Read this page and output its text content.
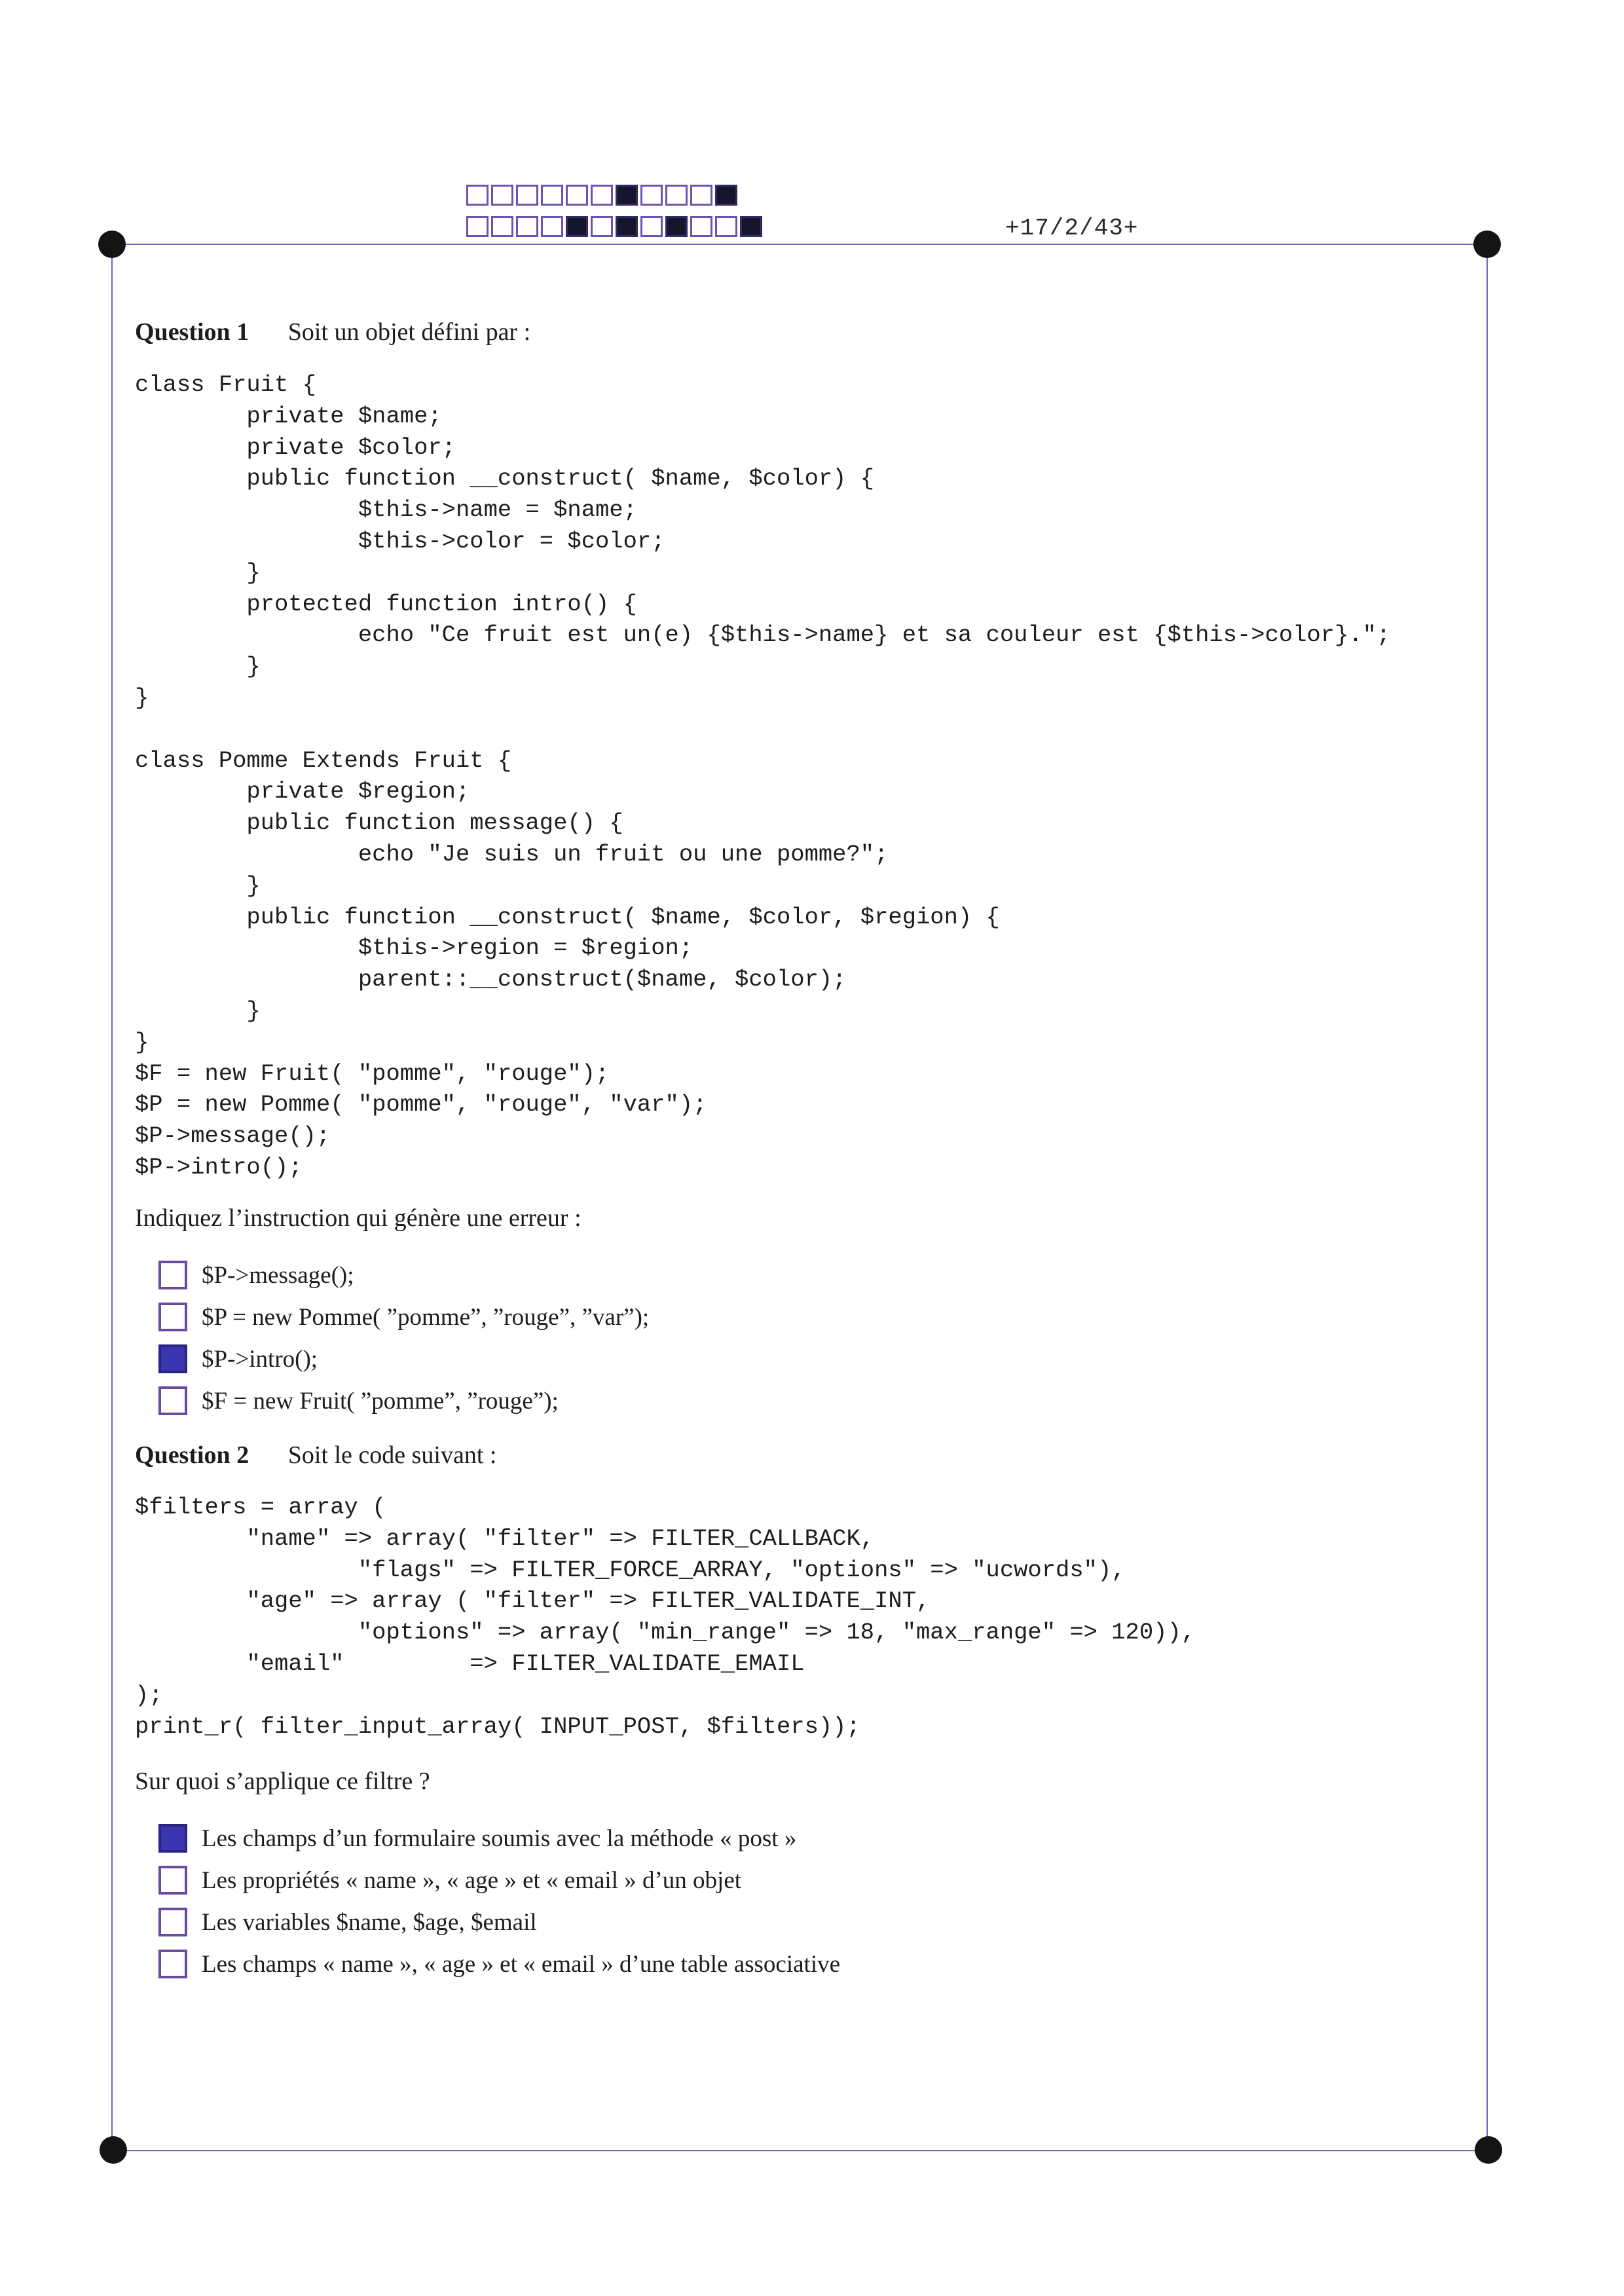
+17/2/43+
Question 1 Soit un objet défini par :
class Fruit {
private $name;
private $color;
public function __construct( $name, $color) {
$this->name = $name;
$this->color = $color;
}
protected function intro() {
echo "Ce fruit est un(e) {$this->name} et sa couleur est {$this->color}.";
}
}

class Pomme Extends Fruit {
private $region;
public function message() {
echo "Je suis un fruit ou une pomme?";
}
public function __construct( $name, $color, $region) {
$this->region = $region;
parent::__construct($name, $color);
}
}
$F = new Fruit( "pomme", "rouge");
$P = new Pomme( "pomme", "rouge", "var");
$P->message();
$P->intro();
Indiquez l’instruction qui génère une erreur :
$P->message();
$P = new Pomme( ”pomme”, ”rouge”, ”var”);
$P->intro();
$F = new Fruit( ”pomme”, ”rouge”);
Question 2 Soit le code suivant :
$filters = array (
"name" => array( "filter" => FILTER_CALLBACK,
"flags" => FILTER_FORCE_ARRAY, "options" => "ucwords"),
"age" => array ( "filter" => FILTER_VALIDATE_INT,
"options" => array( "min_range" => 18, "max_range" => 120)),
"email"         => FILTER_VALIDATE_EMAIL
);
print_r( filter_input_array( INPUT_POST, $filters));
Sur quoi s’applique ce filtre ?
Les champs d’un formulaire soumis avec la méthode « post »
Les propriétés « name », « age » et « email » d’un objet
Les variables $name, $age, $email
Les champs « name », « age » et « email » d’une table associative
